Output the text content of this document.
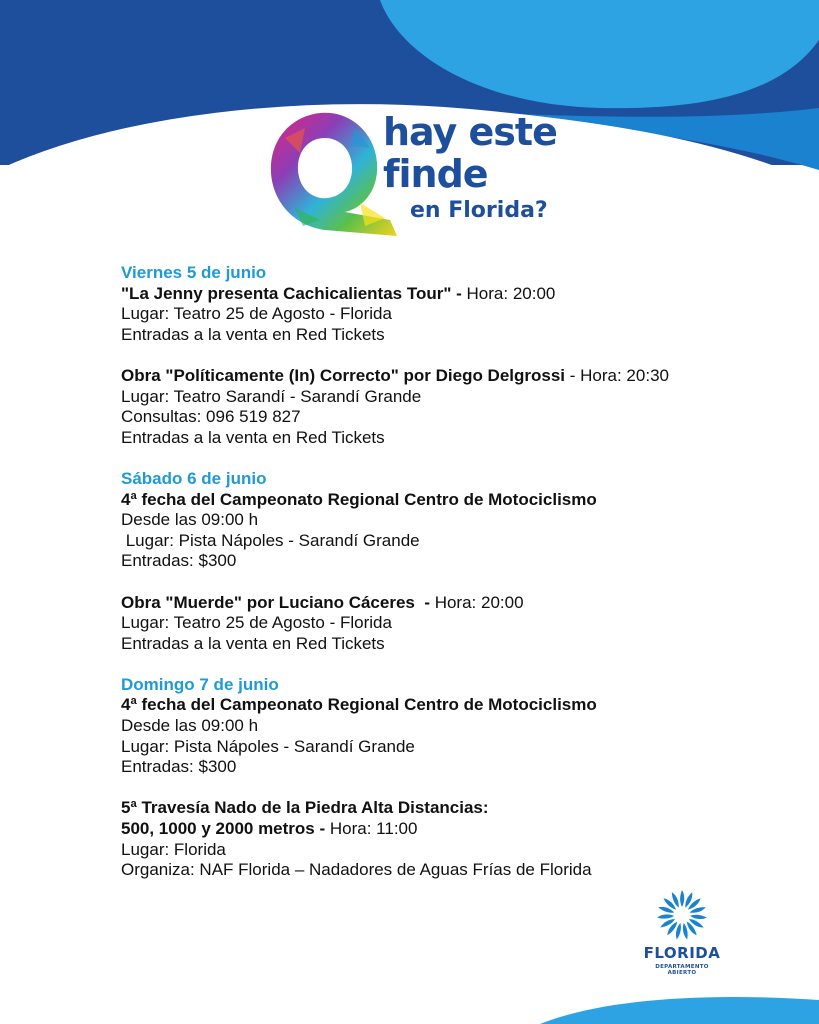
hay este
finde
en Florida?
Viernes 5 de junio
"La Jenny presenta Cachicalientas Tour" - Hora: 20:00
Lugar: Teatro 25 de Agosto - Florida
Entradas a la venta en Red Tickets
Obra "Políticamente (In) Correcto" por Diego Delgrossi - Hora: 20:30
Lugar: Teatro Sarandí - Sarandí Grande
Consultas: 096 519 827
Entradas a la venta en Red Tickets
Sábado 6 de junio
4ª fecha del Campeonato Regional Centro de Motociclismo
Desde las 09:00 h
Lugar: Pista Nápoles - Sarandí Grande
Entradas: $300
Obra "Muerde" por Luciano Cáceres  - Hora: 20:00
Lugar: Teatro 25 de Agosto - Florida
Entradas a la venta en Red Tickets
Domingo 7 de junio
4ª fecha del Campeonato Regional Centro de Motociclismo
Desde las 09:00 h
Lugar: Pista Nápoles - Sarandí Grande
Entradas: $300
5ª Travesía Nado de la Piedra Alta Distancias:
500, 1000 y 2000 metros - Hora: 11:00
Lugar: Florida
Organiza: NAF Florida – Nadadores de Aguas Frías de Florida
FLORIDA
DEPARTAMENTO ABIERTO
